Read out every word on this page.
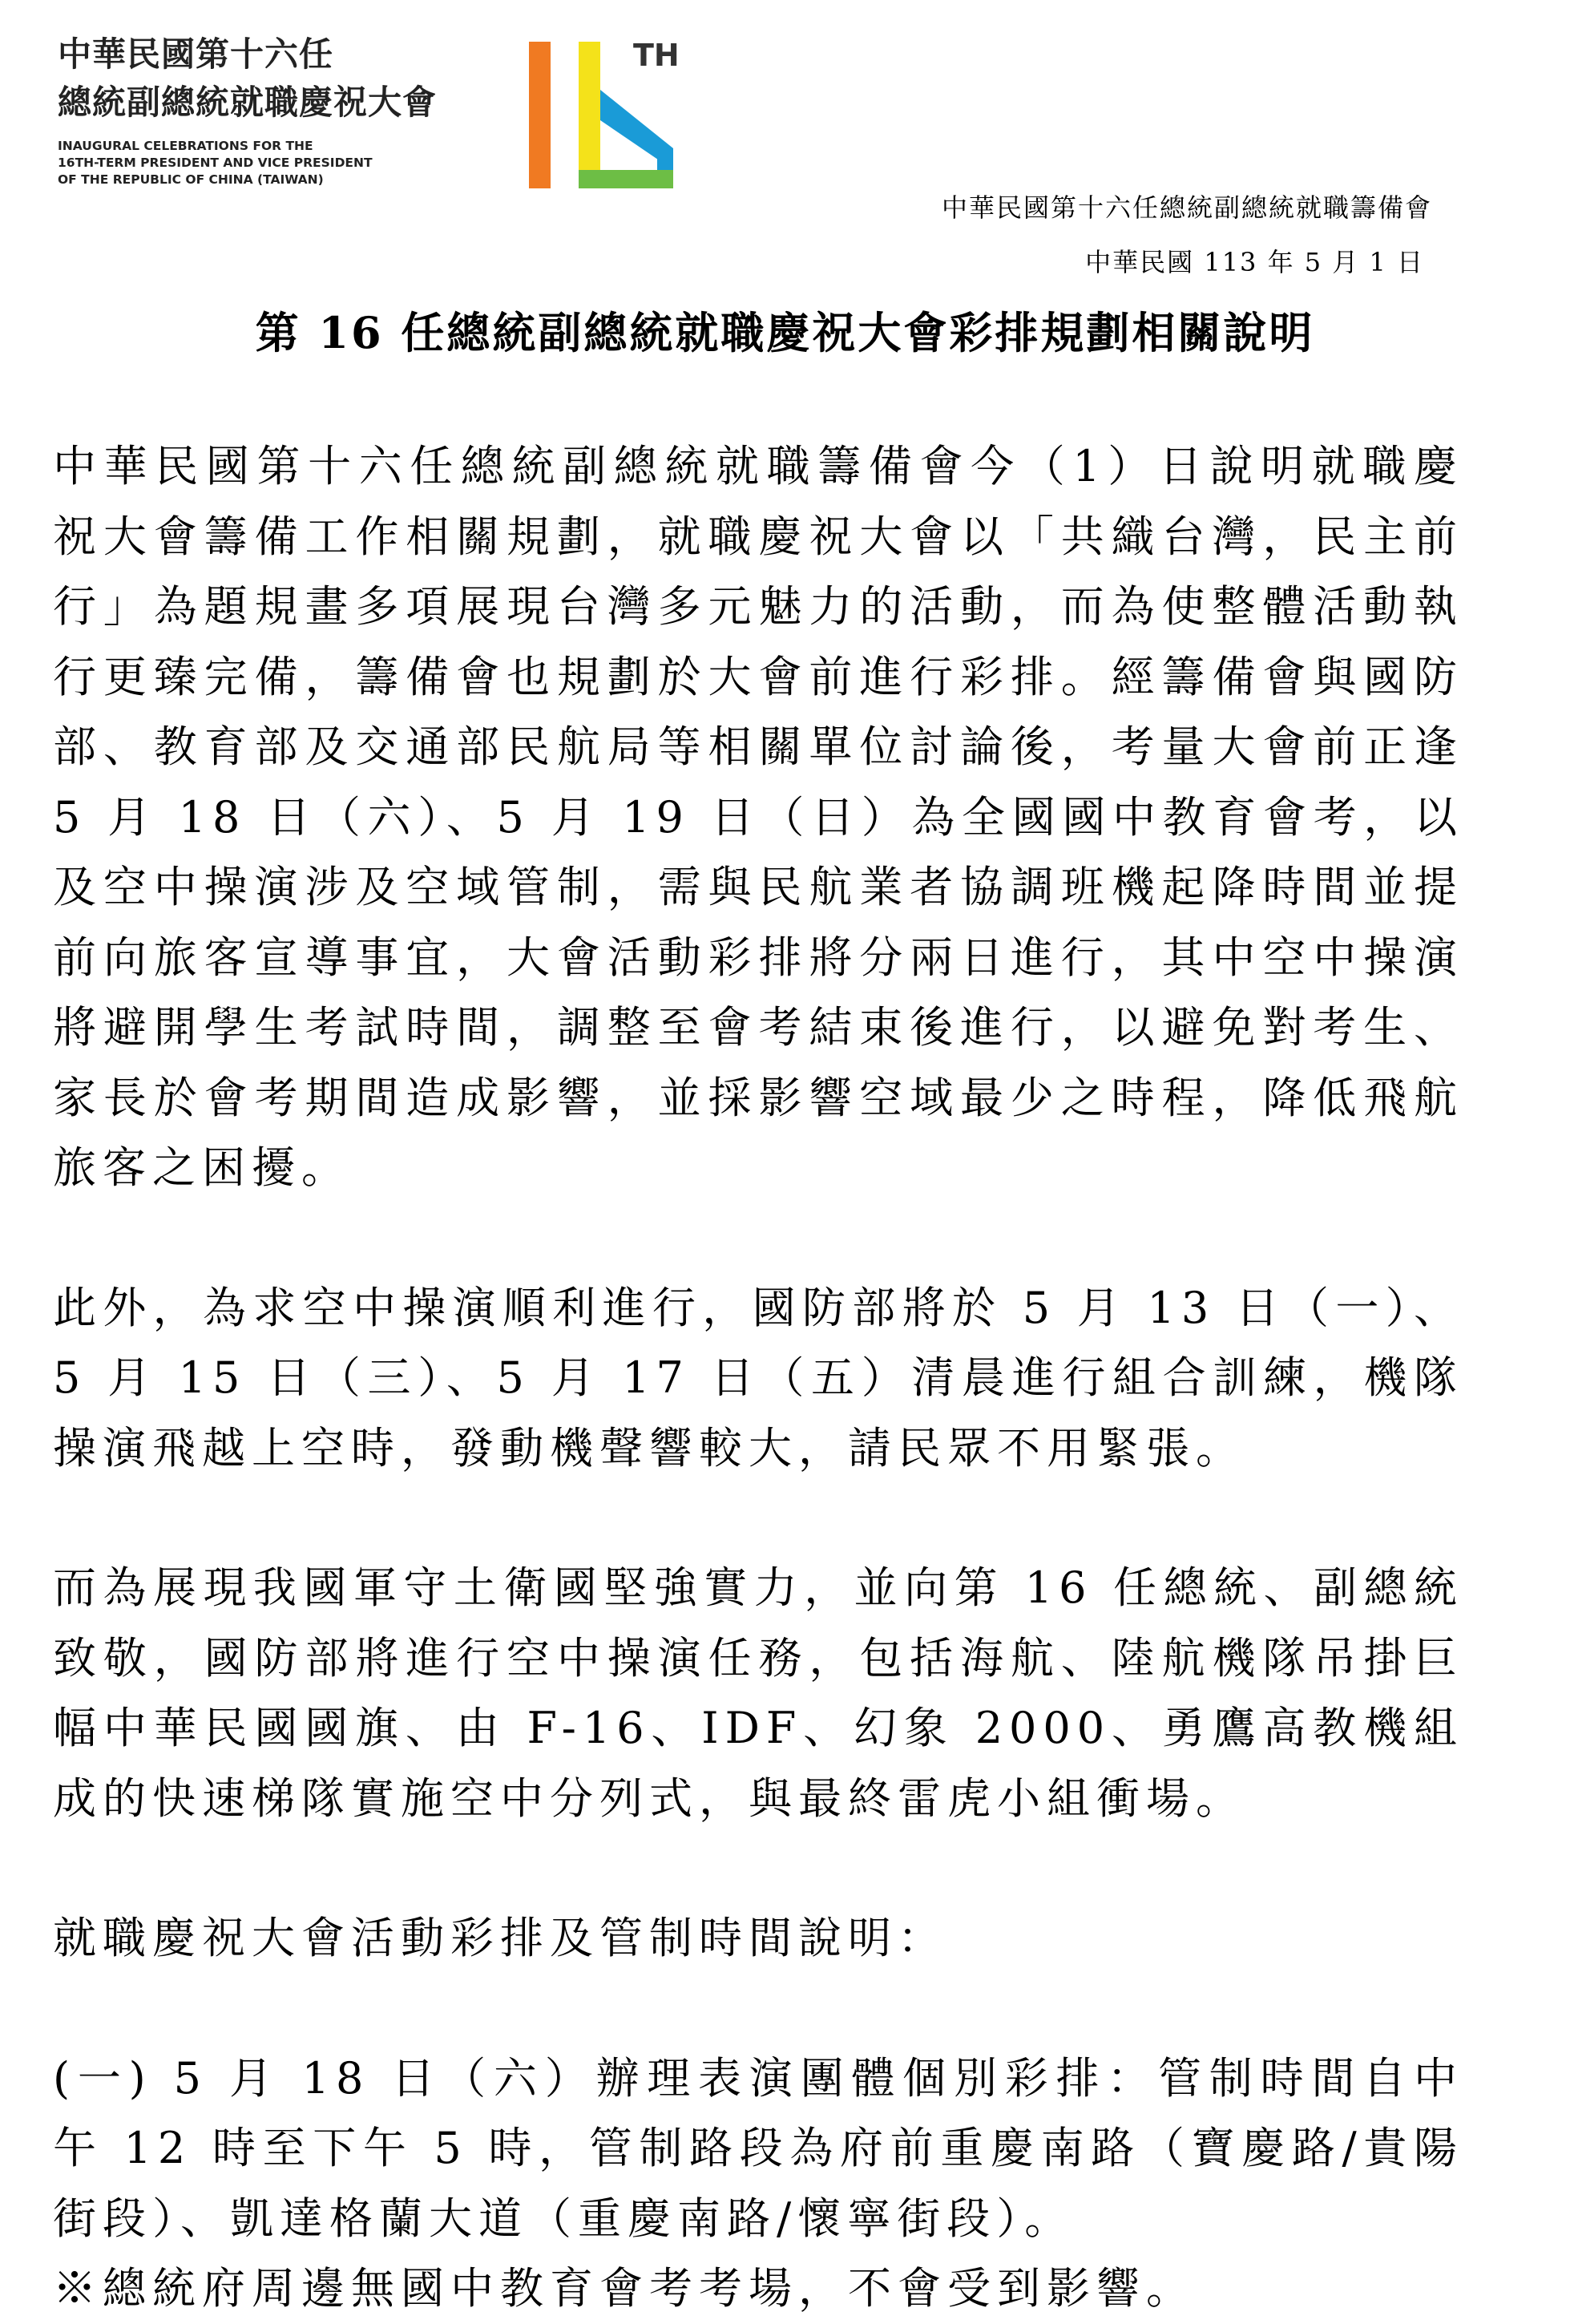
中華民國第十六任
總統副總統就職慶祝大會
INAUGURAL CELEBRATIONS FOR THE
16TH-TERM PRESIDENT AND VICE PRESIDENT
OF THE REPUBLIC OF CHINA (TAIWAN)
TH
中華民國第十六任總統副總統就職籌備會
中華民國 113 年 5 月 1 日
第 16 任總統副總統就職慶祝大會彩排規劃相關說明

中華民國第十六任總統副總統就職籌備會今（1）日說明就職慶祝大會籌備工作相關規劃，就職慶祝大會以「共織台灣，民主前行」為題規畫多項展現台灣多元魅力的活動，而為使整體活動執行更臻完備，籌備會也規劃於大會前進行彩排。經籌備會與國防部、教育部及交通部民航局等相關單位討論後，考量大會前正逢 5 月 18 日（六）、5 月 19 日（日）為全國國中教育會考，以及空中操演涉及空域管制，需與民航業者協調班機起降時間並提前向旅客宣導事宜，大會活動彩排將分兩日進行，其中空中操演將避開學生考試時間，調整至會考結束後進行，以避免對考生、家長於會考期間造成影響，並採影響空域最少之時程，降低飛航旅客之困擾。

此外，為求空中操演順利進行，國防部將於 5 月 13 日（一）、5 月 15 日（三）、5 月 17 日（五）清晨進行組合訓練，機隊操演飛越上空時，發動機聲響較大，請民眾不用緊張。

而為展現我國軍守土衛國堅強實力，並向第 16 任總統、副總統致敬，國防部將進行空中操演任務，包括海航、陸航機隊吊掛巨幅中華民國國旗、由 F-16、IDF、幻象 2000、勇鷹高教機組成的快速梯隊實施空中分列式，與最終雷虎小組衝場。

就職慶祝大會活動彩排及管制時間說明：

(一) 5 月 18 日（六）辦理表演團體個別彩排：管制時間自中午 12 時至下午 5 時，管制路段為府前重慶南路（寶慶路/貴陽街段）、凱達格蘭大道（重慶南路/懷寧街段）。

※總統府周邊無國中教育會考考場，不會受到影響。
